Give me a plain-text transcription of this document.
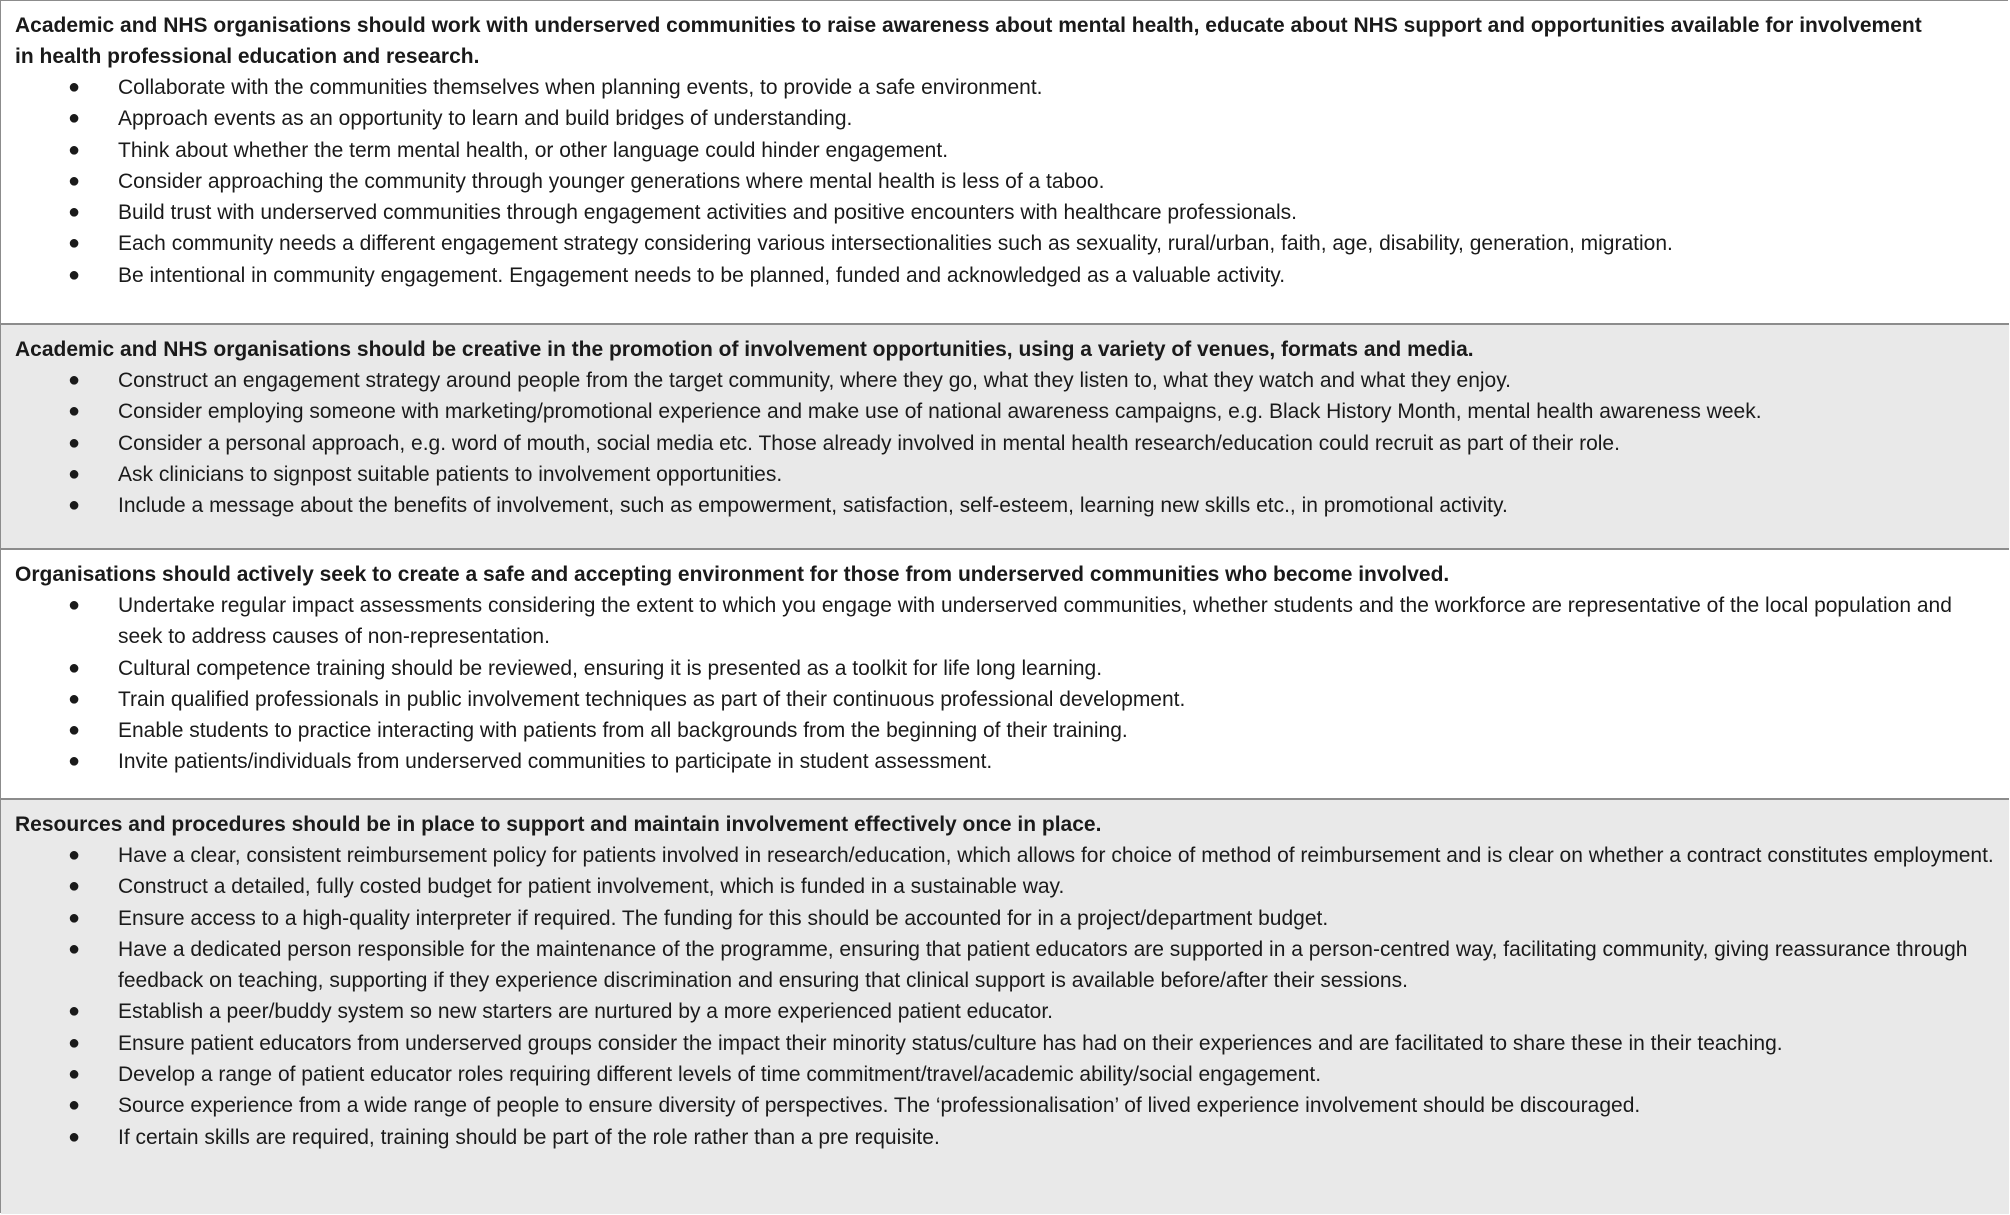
Academic and NHS organisations should work with underserved communities to raise awareness about mental health, educate about NHS support and opportunities available for involvement in health professional education and research.

●	Collaborate with the communities themselves when planning events, to provide a safe environment.
●	Approach events as an opportunity to learn and build bridges of understanding.
●	Think about whether the term mental health, or other language could hinder engagement.
●	Consider approaching the community through younger generations where mental health is less of a taboo.
●	Build trust with underserved communities through engagement activities and positive encounters with healthcare professionals.
●	Each community needs a different engagement strategy considering various intersectionalities such as sexuality, rural/urban, faith, age, disability, generation, migration.
●	Be intentional in community engagement. Engagement needs to be planned, funded and acknowledged as a valuable activity.

Academic and NHS organisations should be creative in the promotion of involvement opportunities, using a variety of venues, formats and media.

●	Construct an engagement strategy around people from the target community, where they go, what they listen to, what they watch and what they enjoy.
●	Consider employing someone with marketing/promotional experience and make use of national awareness campaigns, e.g. Black History Month, mental health awareness week.
●	Consider a personal approach, e.g. word of mouth, social media etc. Those already involved in mental health research/education could recruit as part of their role.
●	Ask clinicians to signpost suitable patients to involvement opportunities.
●	Include a message about the benefits of involvement, such as empowerment, satisfaction, self-esteem, learning new skills etc., in promotional activity.

Organisations should actively seek to create a safe and accepting environment for those from underserved communities who become involved.

●	Undertake regular impact assessments considering the extent to which you engage with underserved communities, whether students and the workforce are representative of the local population and seek to address causes of non-representation.
●	Cultural competence training should be reviewed, ensuring it is presented as a toolkit for life long learning.
●	Train qualified professionals in public involvement techniques as part of their continuous professional development.
●	Enable students to practice interacting with patients from all backgrounds from the beginning of their training.
●	Invite patients/individuals from underserved communities to participate in student assessment.

Resources and procedures should be in place to support and maintain involvement effectively once in place.

●	Have a clear, consistent reimbursement policy for patients involved in research/education, which allows for choice of method of reimbursement and is clear on whether a contract constitutes employment.
●	Construct a detailed, fully costed budget for patient involvement, which is funded in a sustainable way.
●	Ensure access to a high-quality interpreter if required. The funding for this should be accounted for in a project/department budget.
●	Have a dedicated person responsible for the maintenance of the programme, ensuring that patient educators are supported in a person-centred way, facilitating community, giving reassurance through feedback on teaching, supporting if they experience discrimination and ensuring that clinical support is available before/after their sessions.
●	Establish a peer/buddy system so new starters are nurtured by a more experienced patient educator.
●	Ensure patient educators from underserved groups consider the impact their minority status/culture has had on their experiences and are facilitated to share these in their teaching.
●	Develop a range of patient educator roles requiring different levels of time commitment/travel/academic ability/social engagement.
●	Source experience from a wide range of people to ensure diversity of perspectives. The ‘professionalisation’ of lived experience involvement should be discouraged.
●	If certain skills are required, training should be part of the role rather than a pre requisite.
